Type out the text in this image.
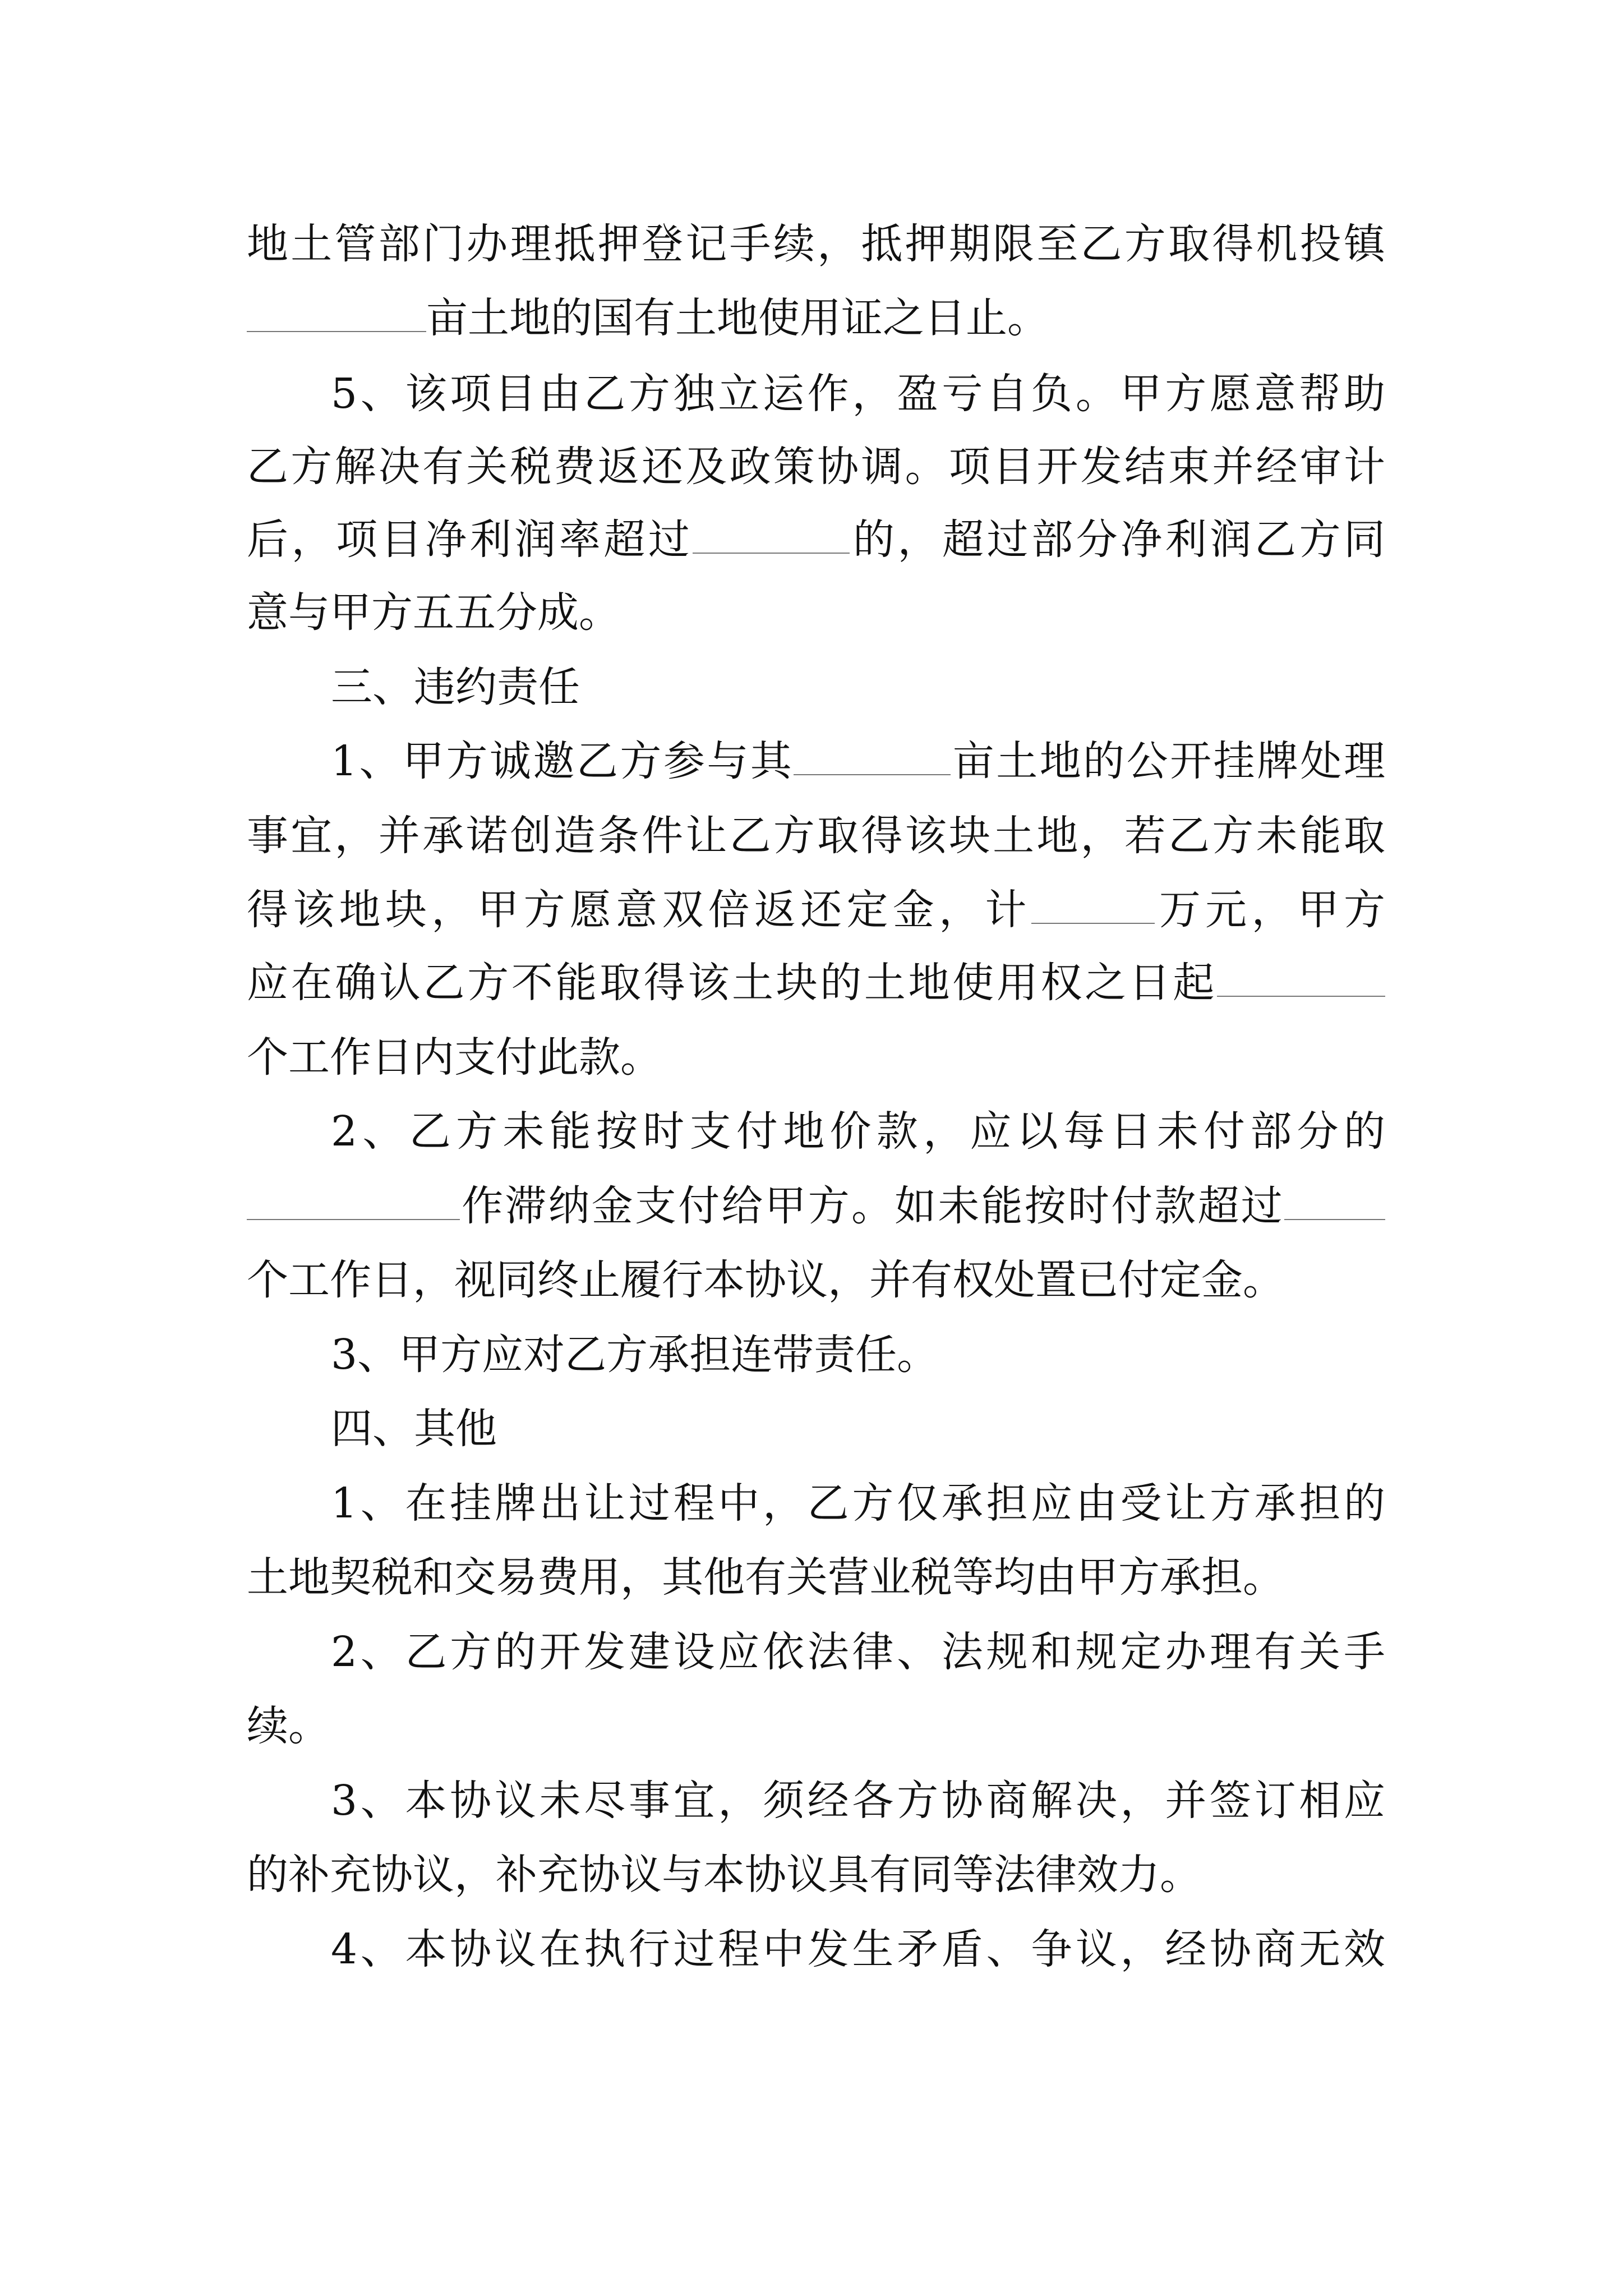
地土管部门办理抵押登记手续，抵押期限至乙方取得机投镇
亩土地的国有土地使用证之日止。
5、该项目由乙方独立运作，盈亏自负。甲方愿意帮助
乙方解决有关税费返还及政策协调。项目开发结束并经审计
后，项目净利润率超过	的，超过部分净利润乙方同
意与甲方五五分成。
三、违约责任
1、甲方诚邀乙方参与其	亩土地的公开挂牌处理
事宜，并承诺创造条件让乙方取得该块土地，若乙方未能取
得该地块，甲方愿意双倍返还定金，计	万元，甲方
应在确认乙方不能取得该土块的土地使用权之日起
个工作日内支付此款。
2、乙方未能按时支付地价款，应以每日未付部分的
作滞纳金支付给甲方。如未能按时付款超过
个工作日，视同终止履行本协议，并有权处置已付定金。
3、甲方应对乙方承担连带责任。
四、其他
1、在挂牌出让过程中，乙方仅承担应由受让方承担的
土地契税和交易费用，其他有关营业税等均由甲方承担。
2、乙方的开发建设应依法律、法规和规定办理有关手
续。
3、本协议未尽事宜，须经各方协商解决，并签订相应
的补充协议，补充协议与本协议具有同等法律效力。
4、本协议在执行过程中发生矛盾、争议，经协商无效
